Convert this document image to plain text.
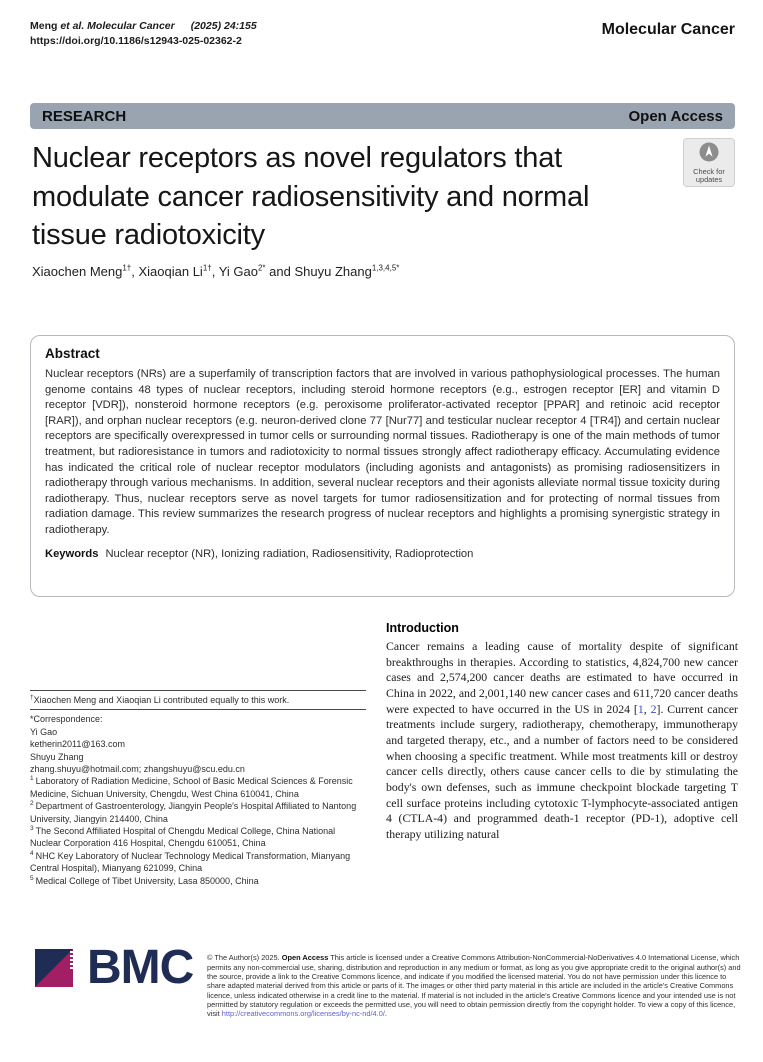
Meng et al. Molecular Cancer (2025) 24:155
https://doi.org/10.1186/s12943-025-02362-2
Molecular Cancer
RESEARCH	Open Access
Nuclear receptors as novel regulators that modulate cancer radiosensitivity and normal tissue radiotoxicity
Check for
updates

Xiaochen Meng$^{1\dagger}$, Xiaoqian $Li^{1\dagger}$, Yi Gao$^{2*}$ and Shuyu Zhang$^{1,3,4,5*}$

Abstract

Nuclear receptors (NRs) are a superfamily of transcription factors that are involved in various pathophysiological processes. The human genome contains 48 types of nuclear receptors, including steroid hormone receptors (e.g., estrogen receptor [ER] and vitamin D receptor [VDR]), nonsteroid hormone receptors (e.g. peroxisome proliferator-activated receptor [PPAR] and retinoic acid receptor [RAR]), and orphan nuclear receptors (e.g. neuron-derived clone 77 [Nur77] and testicular nuclear receptor 4 [TR4]) and certain nuclear receptors are specifically overexpressed in tumor cells or surrounding normal tissues. Radiotherapy is one of the main methods of tumor treatment, but radioresistance in tumors and radiotoxicity to normal tissues strongly affect radiotherapy efficacy. Accumulating evidence has indicated the critical role of nuclear receptor modulators (including agonists and antagonists) as promising radiosensitizers in radiotherapy through various mechanisms. In addition, several nuclear receptors and their agonists alleviate normal tissue toxicity during radiotherapy. Thus, nuclear receptors serve as novel targets for tumor radiosensitization and for protecting of normal tissues from radiation damage. This review summarizes the research progress of nuclear receptors and highlights a promising synergistic strategy in radiotherapy.

Keywords Nuclear receptor (NR), Ionizing radiation, Radiosensitivity, Radioprotection
†Xiaochen Meng and Xiaoqian Li contributed equally to this work.
*Correspondence:
Yi Gao
ketherin2011@163.com
Shuyu Zhang
zhang.shuyu@hotmail.com; zhangshuyu@scu.edu.cn
$^1$ Laboratory of Radiation Medicine, School of Basic Medical Sciences & Forensic Medicine, Sichuan University, Chengdu, West China 610041, China
$^2$ Department of Gastroenterology, Jiangyin People's Hospital Affiliated to Nantong University, Jiangyin 214400, China
$^3$ The Second Affiliated Hospital of Chengdu Medical College, China National Nuclear Corporation 416 Hospital, Chengdu 610051, China
$^4$ NHC Key Laboratory of Nuclear Technology Medical Transformation, Mianyang Central Hospital), Mianyang 621099, China
$^5$ Medical College of Tibet University, Lasa 850000, China
Introduction

Cancer remains a leading cause of mortality despite of significant breakthroughs in therapies. According to statistics, 4,824,700 new cancer cases and 2,574,200 cancer deaths are estimated to have occurred in China in 2022, and 2,001,140 new cancer cases and 611,720 cancer deaths were expected to have occurred in the US in 2024 [1, 2]. Current cancer treatments include surgery, radiotherapy, chemotherapy, immunotherapy and targeted therapy, etc., and a number of factors need to be considered when choosing a specific treatment. While most treatments kill or destroy cancer cells directly, others cause cancer cells to die by stimulating the body's own defenses, such as immune checkpoint blockade targeting T cell surface proteins including cytotoxic T-lymphocyte-associated antigen 4 (CTLA-4) and programmed death-1 receptor (PD-1), adoptive cell therapy utilizing natural

BMC © The Author(s) 2025. Open Access This article is licensed under a Creative Commons Attribution-NonCommercial-NoDerivatives 4.0 International License, which permits any non-commercial use, sharing, distribution and reproduction in any medium or format, as long as you give appropriate credit to the original author(s) and the source, provide a link to the Creative Commons licence, and indicate if you modified the licensed material. You do not have permission under this licence to share adapted material derived from this article or parts of it. The images or other third party material in this article are included in the article's Creative Commons licence, unless indicated otherwise in a credit line to the material. If material is not included in the article's Creative Commons licence and your intended use is not permitted by statutory regulation or exceeds the permitted use, you will need to obtain permission directly from the copyright holder. To view a copy of this licence, visit http://creativecommons.org/licenses/by-nc-nd/4.0/.
